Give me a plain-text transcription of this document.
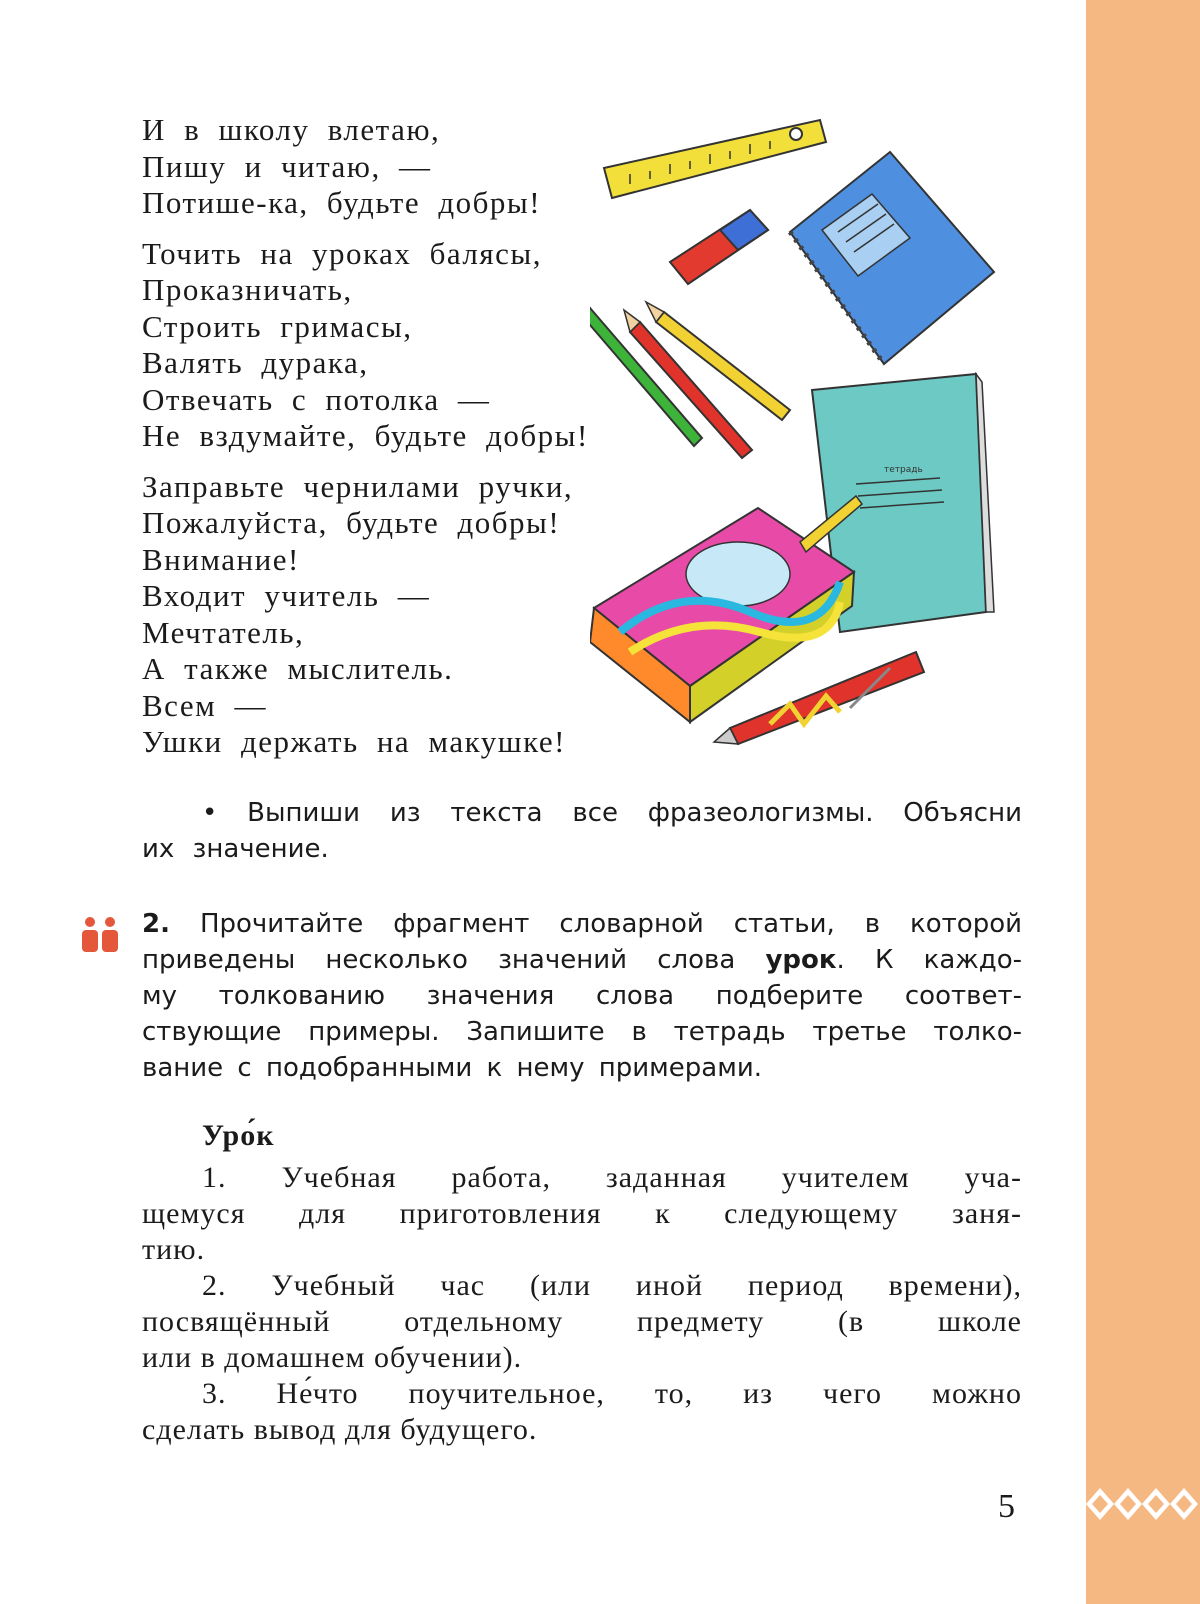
тетрадь
И в школу влетаю,
Пишу и читаю, —
Потише-ка, будьте добры!
Точить на уроках балясы,
Проказничать,
Строить гримасы,
Валять дурака,
Отвечать с потолка —
Не вздумайте, будьте добры!
Заправьте чернилами ручки,
Пожалуйста, будьте добры!
Внимание!
Входит учитель —
Мечтатель,
А также мыслитель.
Всем —
Ушки держать на макушке!

• Выпиши из текста все фразеологизмы. Объясни

их значение.

2. Прочитайте фрагмент словарной статьи, в которой
приведены несколько значений слова урок. К каждо-
му толкованию значения слова подберите соответ-
ствующие примеры. Запишите в тетрадь третье толко-
вание с подобранными к нему примерами.
Уро́к
1. Учебная работа, заданная учителем уча-
щемуся для приготовления к следующему заня-
тию.
2. Учебный час (или иной период времени),
посвящённый отдельному предмету (в школе
или в домашнем обучении).
3. Не́что поучительное, то, из чего можно
сделать вывод для будущего.
5
